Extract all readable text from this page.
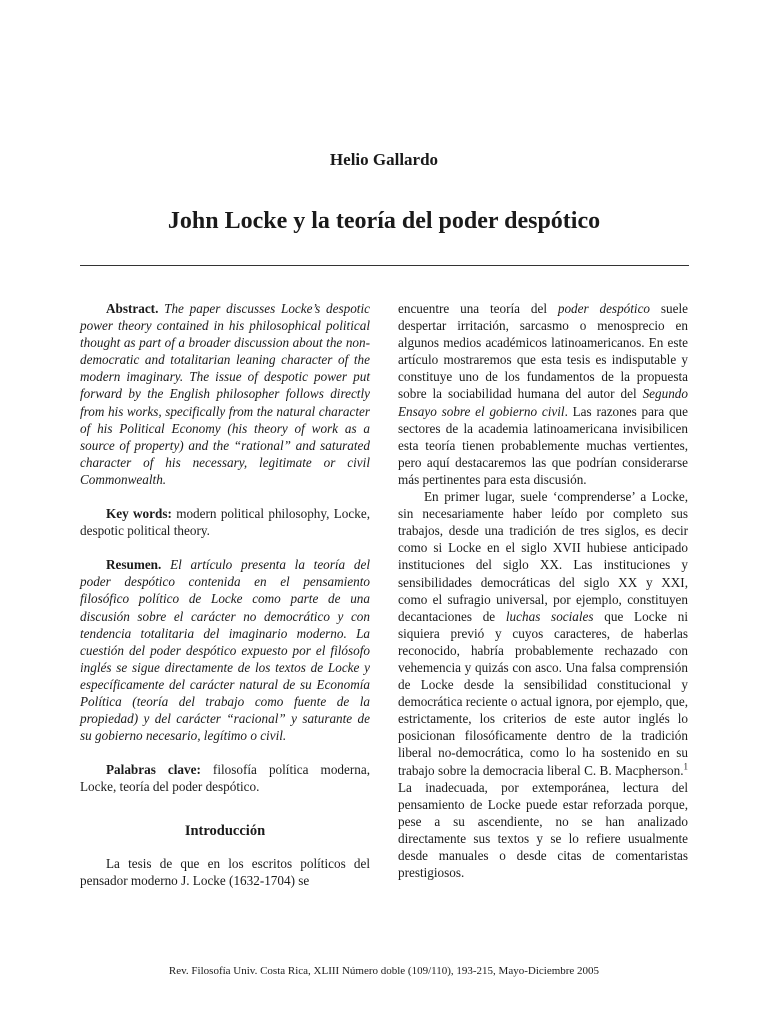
Helio Gallardo
John Locke y la teoría del poder despótico

Abstract. The paper discusses Locke’s despotic power theory contained in his philosophical political thought as part of a broader discussion about the non-democratic and totalitarian leaning character of the modern imaginary. The issue of despotic power put forward by the English philosopher follows directly from his works, specifically from the natural character of his Political Economy (his theory of work as a source of property) and the “rational” and saturated character of his necessary, legitimate or civil Commonwealth.

Key words: modern political philosophy, Locke, despotic political theory.

Resumen. El artículo presenta la teoría del poder despótico contenida en el pensamiento filosófico político de Locke como parte de una discusión sobre el carácter no democrático y con tendencia totalitaria del imaginario moderno. La cuestión del poder despótico expuesto por el filósofo inglés se sigue directamente de los textos de Locke y específicamente del carácter natural de su Economía Política (teoría del trabajo como fuente de la propiedad) y del carácter “racional” y saturante de su gobierno necesario, legítimo o civil.

Palabras clave: filosofía política moderna, Locke, teoría del poder despótico.

Introducción

La tesis de que en los escritos políticos del pensador moderno J. Locke (1632-1704) se

encuentre una teoría del poder despótico suele despertar irritación, sarcasmo o menosprecio en algunos medios académicos latinoamericanos. En este artículo mostraremos que esta tesis es indisputable y constituye uno de los fundamentos de la propuesta sobre la sociabilidad humana del autor del Segundo Ensayo sobre el gobierno civil. Las razones para que sectores de la academia latinoamericana invisibilicen esta teoría tienen probablemente muchas vertientes, pero aquí destacaremos las que podrían considerarse más pertinentes para esta discusión.

En primer lugar, suele ‘comprenderse’ a Locke, sin necesariamente haber leído por completo sus trabajos, desde una tradición de tres siglos, es decir como si Locke en el siglo XVII hubiese anticipado instituciones del siglo XX. Las instituciones y sensibilidades democráticas del siglo XX y XXI, como el sufragio universal, por ejemplo, constituyen decantaciones de luchas sociales que Locke ni siquiera previó y cuyos caracteres, de haberlas reconocido, habría probablemente rechazado con vehemencia y quizás con asco. Una falsa comprensión de Locke desde la sensibilidad constitucional y democrática reciente o actual ignora, por ejemplo, que, estrictamente, los criterios de este autor inglés lo posicionan filosóficamente dentro de la tradición liberal no-democrática, como lo ha sostenido en su trabajo sobre la democracia liberal C. B. Macpherson.$^1$ La inadecuada, por extemporánea, lectura del pensamiento de Locke puede estar reforzada porque, pese a su ascendiente, no se han analizado directamente sus textos y se lo refiere usualmente desde manuales o desde citas de comentaristas prestigiosos.

Rev. Filosofía Univ. Costa Rica, XLIII Número doble (109/110), 193-215, Mayo-Diciembre 2005
